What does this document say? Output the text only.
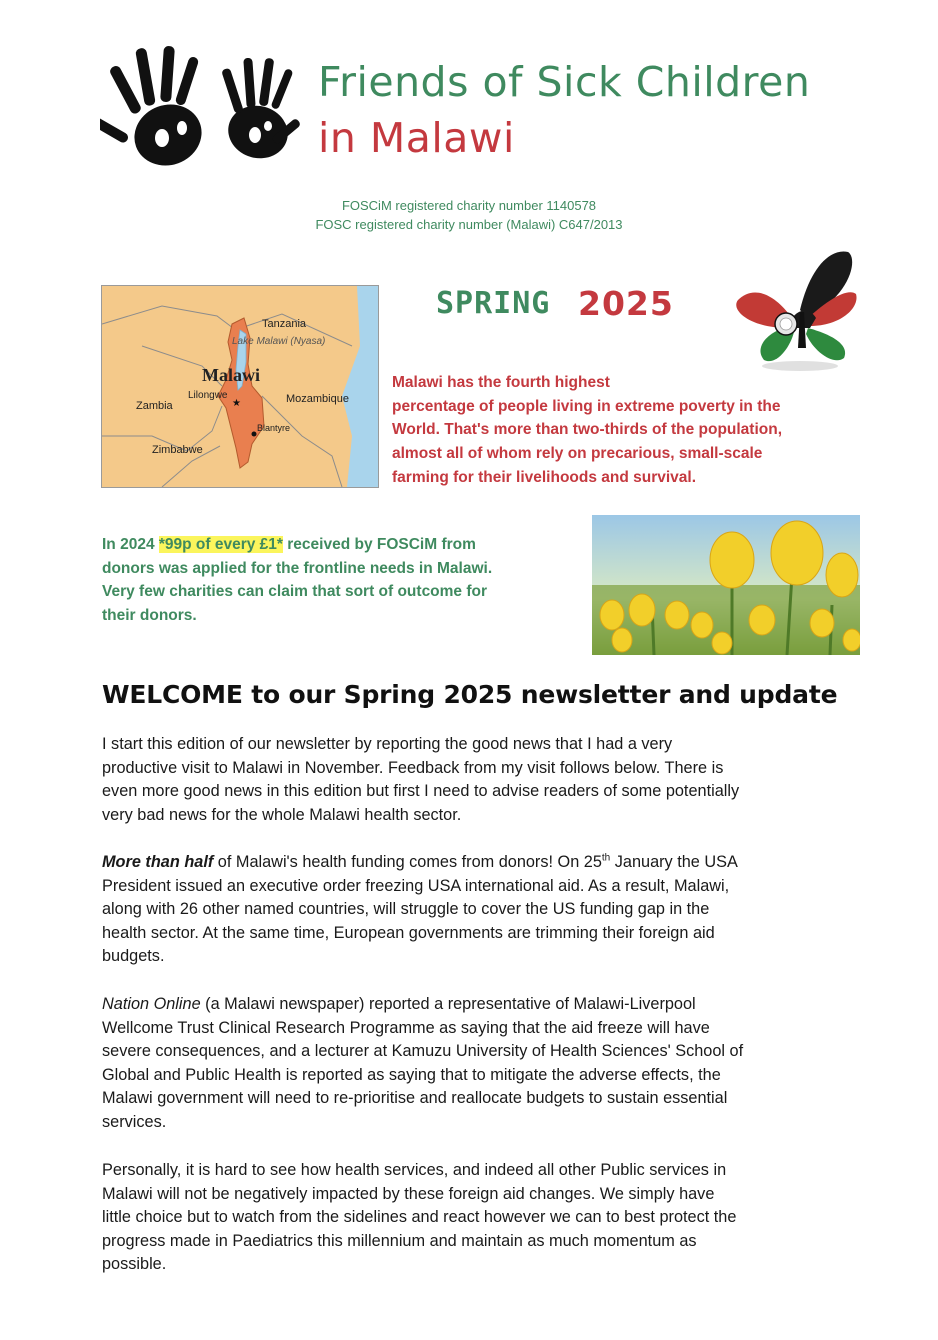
Friends of Sick Children
in Malawi
FOSCiM registered charity number 1140578
FOSC registered charity number (Malawi) C647/2013
★
Tanzania
Lake Malawi (Nyasa)
Malawi
Lilongwe	Mozambique
Zambia
Blantyre
Zimbabwe
SPRING 2025
Malawi has the fourth highest
percentage of people living in extreme poverty in the
World. That's more than two-thirds of the population,
almost all of whom rely on precarious, small-scale
farming for their livelihoods and survival.
In 2024 *99p of every £1* received by FOSCiM from
donors was applied for the frontline needs in Malawi.
Very few charities can claim that sort of outcome for
their donors.
WELCOME to our Spring 2025 newsletter and update
I start this edition of our newsletter by reporting the good news that I had a very
productive visit to Malawi in November. Feedback from my visit follows below. There is
even more good news in this edition but first I need to advise readers of some potentially
very bad news for the whole Malawi health sector.
More than half of Malawi's health funding comes from donors! On 25th January the USA
President issued an executive order freezing USA international aid. As a result, Malawi,
along with 26 other named countries, will struggle to cover the US funding gap in the
health sector. At the same time, European governments are trimming their foreign aid
budgets.
Nation Online (a Malawi newspaper) reported a representative of Malawi-Liverpool
Wellcome Trust Clinical Research Programme as saying that the aid freeze will have
severe consequences, and a lecturer at Kamuzu University of Health Sciences' School of
Global and Public Health is reported as saying that to mitigate the adverse effects, the
Malawi government will need to re-prioritise and reallocate budgets to sustain essential
services.
Personally, it is hard to see how health services, and indeed all other Public services in
Malawi will not be negatively impacted by these foreign aid changes. We simply have
little choice but to watch from the sidelines and react however we can to best protect the
progress made in Paediatrics this millennium and maintain as much momentum as
possible.
